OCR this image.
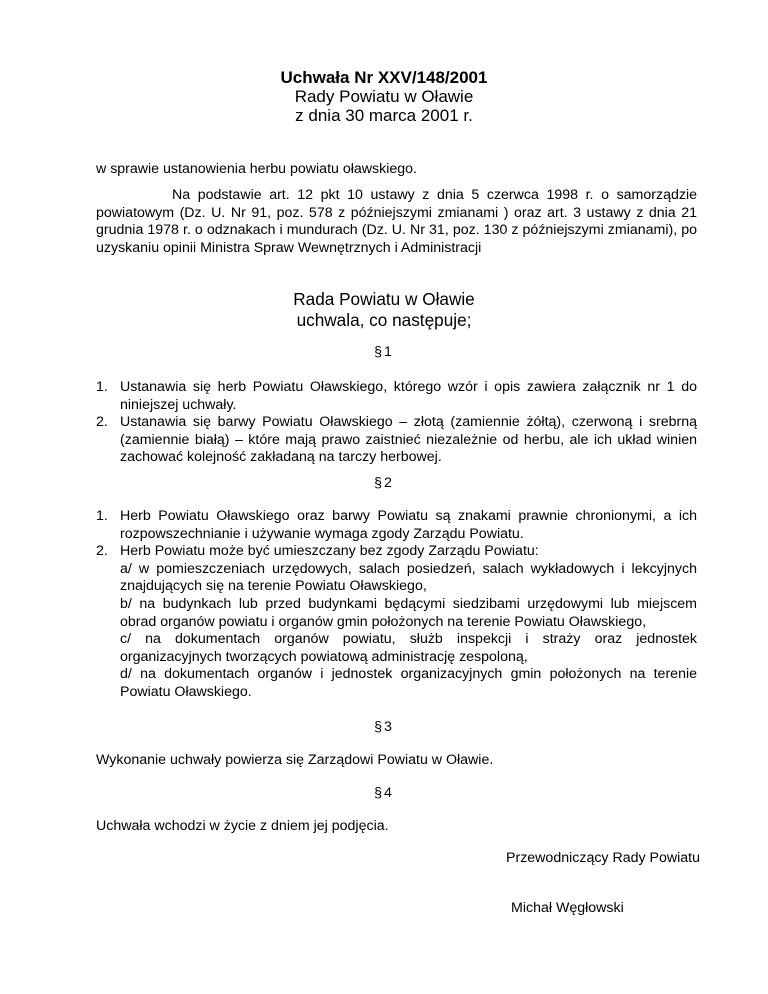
Uchwała Nr XXV/148/2001
Rady Powiatu w Oławie
z dnia 30 marca 2001 r.
w sprawie ustanowienia herbu powiatu oławskiego.

Na podstawie art. 12 pkt 10 ustawy z dnia 5 czerwca 1998 r. o samorządzie powiatowym (Dz. U. Nr 91, poz. 578 z późniejszymi zmianami ) oraz art. 3 ustawy z dnia 21 grudnia 1978 r. o odznakach i mundurach (Dz. U. Nr 31, poz. 130 z późniejszymi zmianami), po uzyskaniu opinii Ministra Spraw Wewnętrznych i Administracji

Rada Powiatu w Oławie
uchwala, co następuje;
§1
1. Ustanawia się herb Powiatu Oławskiego, którego wzór i opis zawiera załącznik nr 1 do niniejszej uchwały.
2. Ustanawia się barwy Powiatu Oławskiego – złotą (zamiennie żółtą), czerwoną i srebrną (zamiennie białą) – które mają prawo zaistnieć niezależnie od herbu, ale ich układ winien zachować kolejność zakładaną na tarczy herbowej.
§2
1. Herb Powiatu Oławskiego oraz barwy Powiatu są znakami prawnie chronionymi, a ich rozpowszechnianie i używanie wymaga zgody Zarządu Powiatu.
2. Herb Powiatu może być umieszczany bez zgody Zarządu Powiatu:
a/ w pomieszczeniach urzędowych, salach posiedzeń, salach wykładowych i lekcyjnych znajdujących się na terenie Powiatu Oławskiego,
b/ na budynkach lub przed budynkami będącymi siedzibami urzędowymi lub miejscem obrad organów powiatu i organów gmin położonych na terenie Powiatu Oławskiego,
c/ na dokumentach organów powiatu, służb inspekcji i straży oraz jednostek organizacyjnych tworzących powiatową administrację zespoloną,
d/ na dokumentach organów i jednostek organizacyjnych gmin położonych na terenie Powiatu Oławskiego.
§3
Wykonanie uchwały powierza się Zarządowi Powiatu w Oławie.
§4
Uchwała wchodzi w życie z dniem jej podjęcia.
Przewodniczący Rady Powiatu
Michał Węgłowski
